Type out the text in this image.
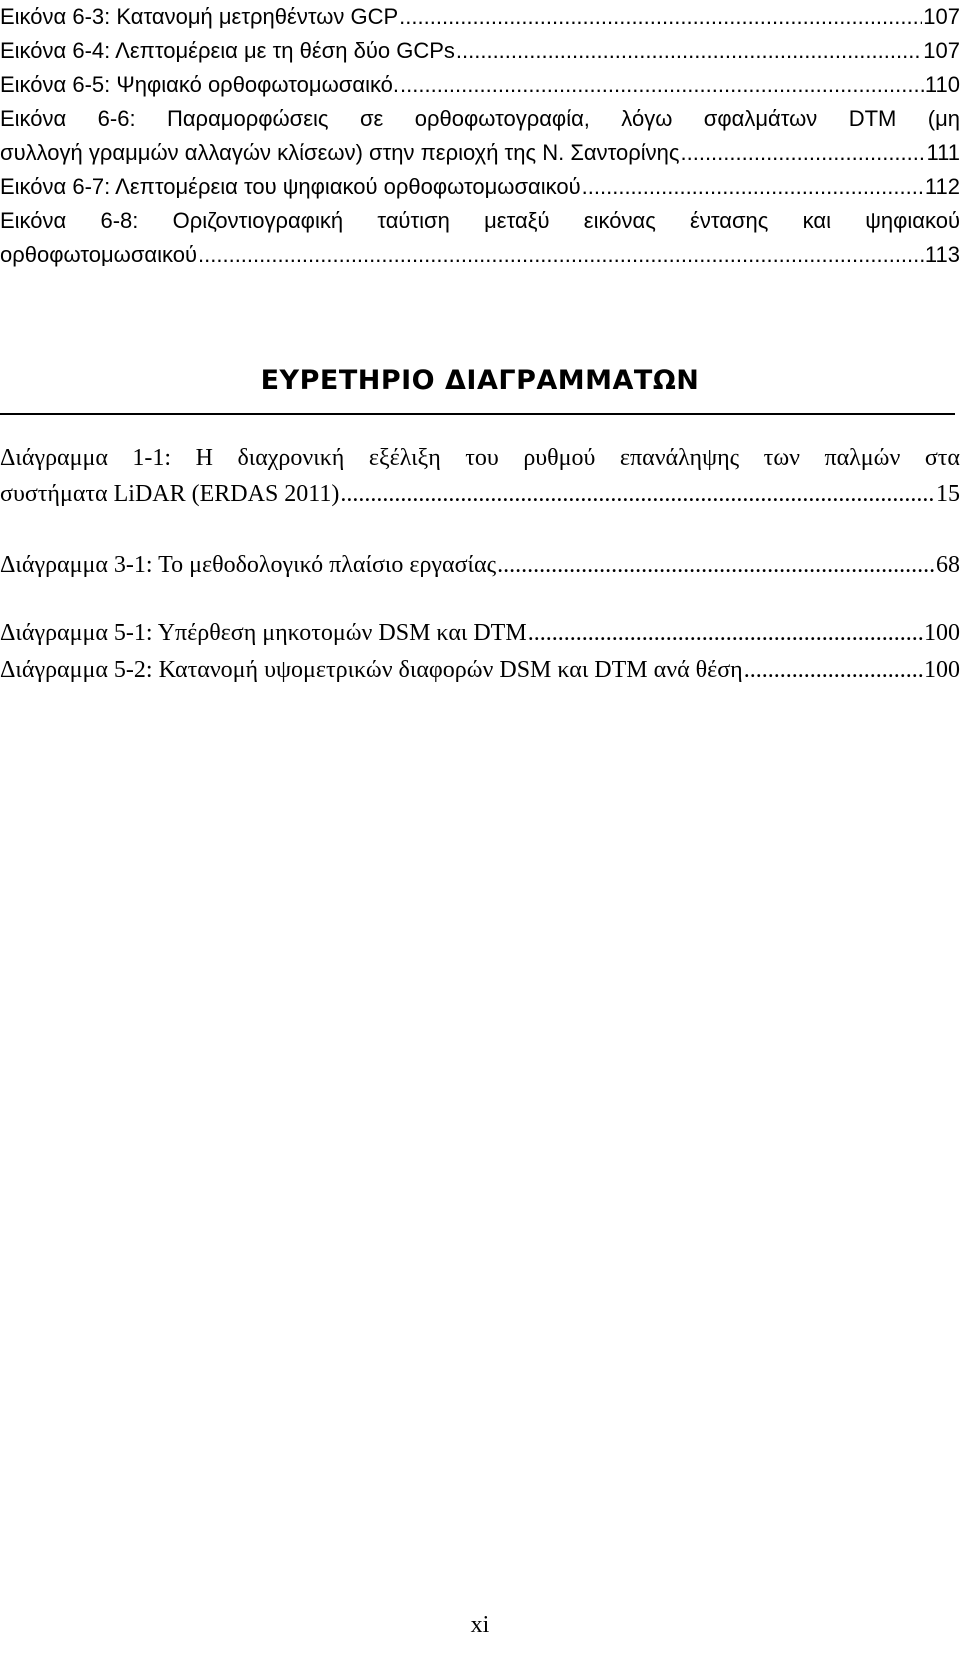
Εικόνα 6-3: Κατανομή μετρηθέντων GCP .....	107
Εικόνα 6-4: Λεπτομέρεια με τη θέση δύο GCPs .....	107
Εικόνα 6-5: Ψηφιακό ορθοφωτομωσαικό. .....	110
Εικόνα 6-6: Παραμορφώσεις σε ορθοφωτογραφία, λόγω σφαλμάτων DTM (μη
συλλογή γραμμών αλλαγών κλίσεων) στην περιοχή της Ν. Σαντορίνης .....	111
Εικόνα 6-7: Λεπτομέρεια του ψηφιακού ορθοφωτομωσαικού .....	112
Εικόνα 6-8: Οριζοντιογραφική ταύτιση μεταξύ εικόνας έντασης και ψηφιακού
ορθοφωτομωσαικού .....	113
ΕΥΡΕΤΗΡΙΟ ΔΙΑΓΡΑΜΜΑΤΩΝ
Διάγραμμα 1-1: Η διαχρονική εξέλιξη του ρυθμού επανάληψης των παλμών στα
συστήματα LiDAR (ERDAS 2011) .....	15
Διάγραμμα 3-1: Το μεθοδολογικό πλαίσιο εργασίας .....	68
Διάγραμμα 5-1: Υπέρθεση μηκοτομών DSM και DTM .....	100
Διάγραμμα 5-2: Κατανομή υψομετρικών διαφορών DSM και DTM ανά θέση .....	100
xi
